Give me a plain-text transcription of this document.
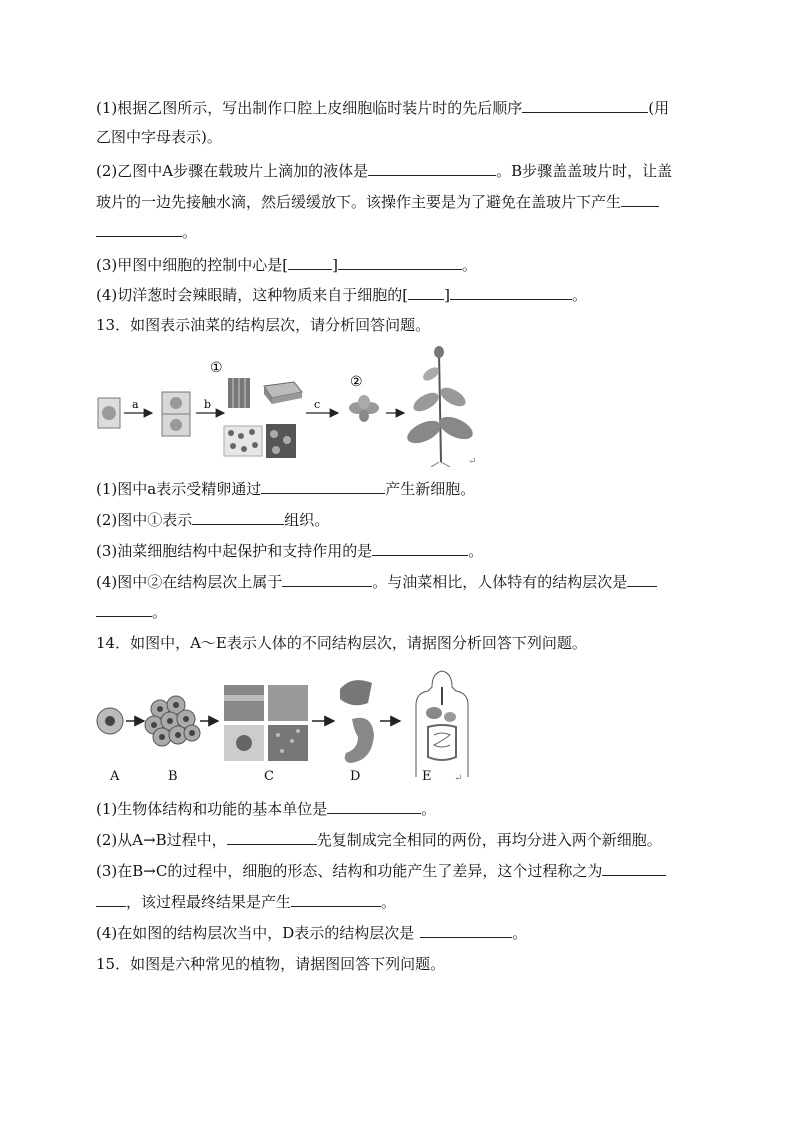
(1)根据乙图所示，写出制作口腔上皮细胞临时装片时的先后顺序	(用
乙图中字母表示)。
(2)乙图中A步骤在载玻片上滴加的液体是	。B步骤盖盖玻片时，让盖
玻片的一边先接触水滴，然后缓缓放下。该操作主要是为了避免在盖玻片下产生
。
(3)甲图中细胞的控制中心是[	]	。
(4)切洋葱时会辣眼睛，这种物质来自于细胞的[ ]	。
13．如图表示油菜的结构层次，请分析回答问题。
a	b
①
c
②
↵
(1)图中a表示受精卵通过	产生新细胞。
(2)图中①表示	组织。
(3)油菜细胞结构中起保护和支持作用的是	。
(4)图中②在结构层次上属于	。与油菜相比，人体特有的结构层次是
。
14．如图中，A～E表示人体的不同结构层次，请据图分析回答下列问题。
↵
A	B	C	D	E
(1)生物体结构和功能的基本单位是	。
(2)从A→B过程中，	先复制成完全相同的两份，再均分进入两个新细胞。
(3)在B→C的过程中，细胞的形态、结构和功能产生了差异，这个过程称之为
，该过程最终结果是产生	。
(4)在如图的结构层次当中，D表示的结构层次是	。
15．如图是六种常见的植物，请据图回答下列问题。
